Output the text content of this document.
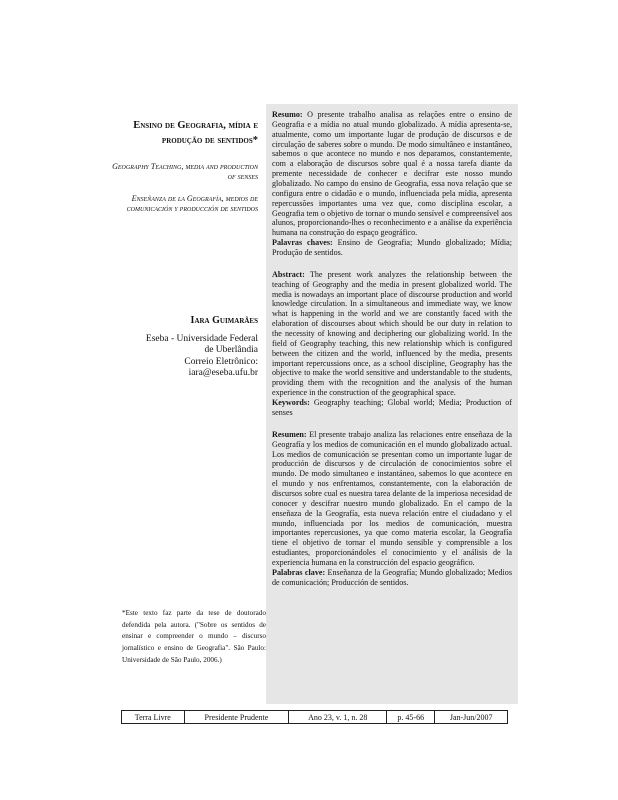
Ensino de Geografia, mídia e produção de sentidos*
Geography Teaching, media and production of senses
Enseñanza de la Geografía, medios de comunicación y producción de sentidos
Iara Guimarães
Eseba - Universidade Federal
de Uberlândia
Correio Eletrônico:
iara@eseba.ufu.br
*Este texto faz parte da tese de doutorado defendida pela autora. ("Sobre os sentidos de ensinar e compreender o mundo – discurso jornalístico e ensino de Geografia". São Paulo: Universidade de São Paulo, 2006.)

Resumo: O presente trabalho analisa as relações entre o ensino de Geografia e a mídia no atual mundo globalizado. A mídia apresenta-se, atualmente, como um importante lugar de produção de discursos e de circulação de saberes sobre o mundo. De modo simultâneo e instantâneo, sabemos o que acontece no mundo e nos deparamos, constantemente, com a elaboração de discursos sobre qual é a nossa tarefa diante da premente necessidade de conhecer e decifrar este nosso mundo globalizado. No campo do ensino de Geografia, essa nova relação que se configura entre o cidadão e o mundo, influenciada pela mídia, apresenta repercussões importantes uma vez que, como disciplina escolar, a Geografia tem o objetivo de tornar o mundo sensível e compreensível aos alunos, proporcionando-lhes o reconhecimento e a análise da experiência humana na construção do espaço geográfico.
Palavras chaves: Ensino de Geografia; Mundo globalizado; Mídia; Produção de sentidos.

Abstract: The present work analyzes the relationship between the teaching of Geography and the media in present globalized world. The media is nowadays an important place of discourse production and world knowledge circulation. In a simultaneous and immediate way, we know what is happening in the world and we are constantly faced with the elaboration of discourses about which should be our duty in relation to the necessity of knowing and deciphering our globalizing world. In the field of Geography teaching, this new relationship which is configured between the citizen and the world, influenced by the media, presents important repercussions once, as a school discipline, Geography has the objective to make the world sensitive and understandable to the students, providing them with the recognition and the analysis of the human experience in the construction of the geographical space.
Keywords: Geography teaching; Global world; Media; Production of senses

Resumen: El presente trabajo analiza las relaciones entre enseñaza de la Geografía y los medios de comunicación en el mundo globalizado actual. Los medios de comunicación se presentan como un importante lugar de producción de discursos y de circulación de conocimientos sobre el mundo. De modo simultaneo e instantáneo, sabemos lo que acontece en el mundo y nos enfrentamos, constantemente, con la elaboración de discursos sobre cual es nuestra tarea delante de la imperiosa necesidad de conocer y descifrar nuestro mundo globalizado. En el campo de la enseñaza de la Geografía, esta nueva relación entre el ciudadano y el mundo, influenciada por los medios de comunicación, muestra importantes repercusiones, ya que como materia escolar, la Geografía tiene el objetivo de tornar el mundo sensible y comprensible a los estudiantes, proporcionándoles el conocimiento y el análisis de la experiencia humana en la construcción del espacio geográfico.
Palabras clave: Enseñanza de la Geografía; Mundo globalizado; Medios de comunicación; Producción de sentidos.

Terra Livre	Presidente Prudente	Ano 23, v. 1, n. 28	p. 45-66	Jan-Jun/2007
